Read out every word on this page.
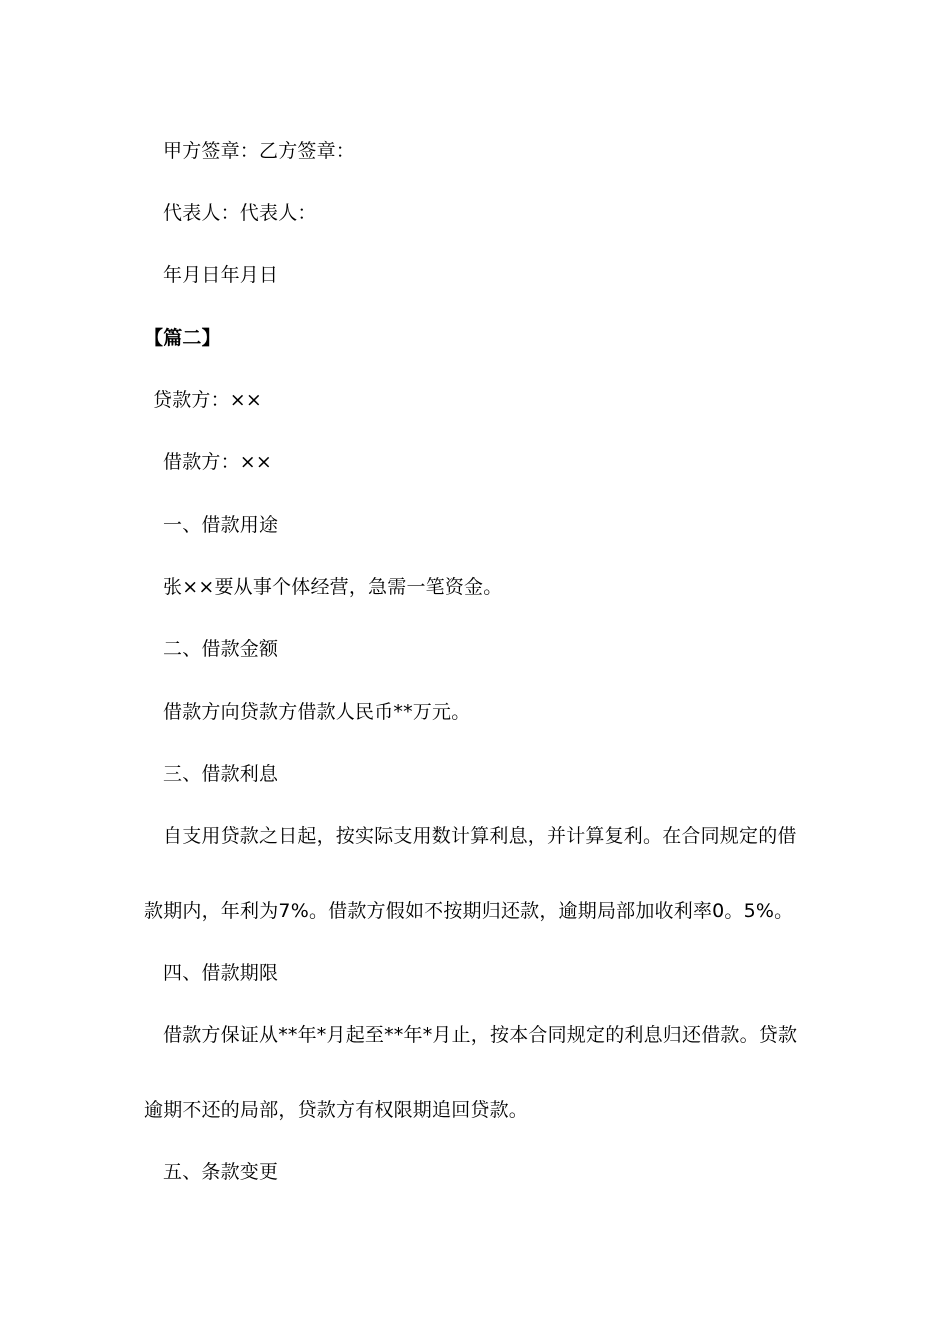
甲方签章：乙方签章：
代表人：代表人：
年月日年月日
【篇二】
贷款方：××
借款方：××
一、借款用途
张××要从事个体经营，急需一笔资金。
二、借款金额
借款方向贷款方借款人民币**万元。
三、借款利息
自支用贷款之日起，按实际支用数计算利息，并计算复利。在合同规定的借
款期内，年利为7%。借款方假如不按期归还款，逾期局部加收利率0。5%。
四、借款期限
借款方保证从**年*月起至**年*月止，按本合同规定的利息归还借款。贷款
逾期不还的局部，贷款方有权限期追回贷款。
五、条款变更
